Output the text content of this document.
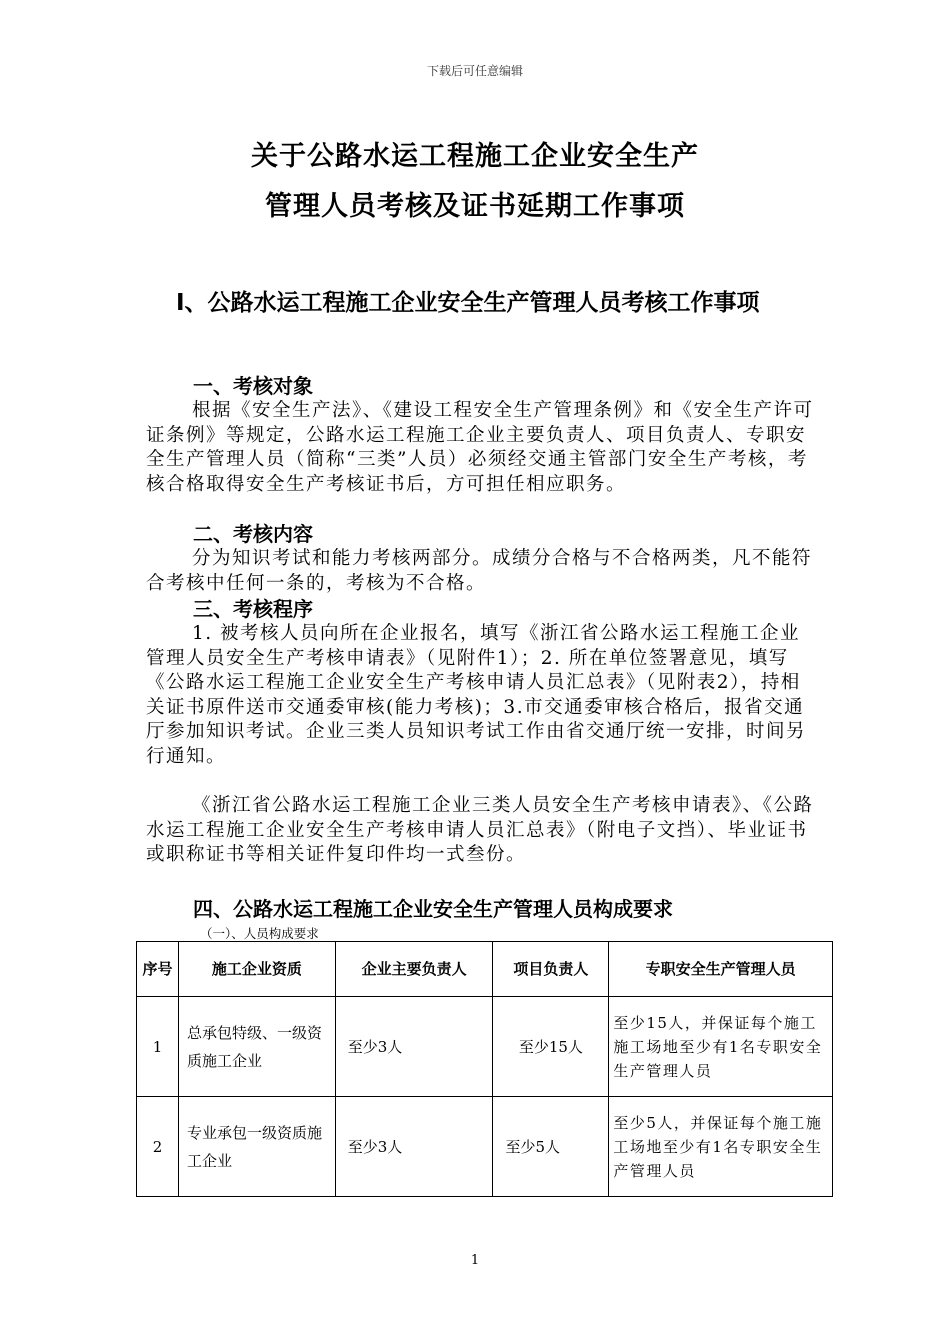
下载后可任意编辑
关于公路水运工程施工企业安全生产
管理人员考核及证书延期工作事项
Ⅰ、公路水运工程施工企业安全生产管理人员考核工作事项
一、考核对象

根据《安全生产法》、《建设工程安全生产管理条例》和《安全生产许可证条例》等规定，公路水运工程施工企业主要负责人、项目负责人、专职安全生产管理人员（简称“三类”人员）必须经交通主管部门安全生产考核，考核合格取得安全生产考核证书后，方可担任相应职务。

二、考核内容

分为知识考试和能力考核两部分。成绩分合格与不合格两类，凡不能符合考核中任何一条的，考核为不合格。

三、考核程序

1. 被考核人员向所在企业报名，填写《浙江省公路水运工程施工企业管理人员安全生产考核申请表》（见附件1）；2. 所在单位签署意见，填写《公路水运工程施工企业安全生产考核申请人员汇总表》（见附表2），持相关证书原件送市交通委审核(能力考核)；3.市交通委审核合格后，报省交通厅参加知识考试。企业三类人员知识考试工作由省交通厅统一安排，时间另行通知。

《浙江省公路水运工程施工企业三类人员安全生产考核申请表》、《公路水运工程施工企业安全生产考核申请人员汇总表》（附电子文挡）、毕业证书或职称证书等相关证件复印件均一式叁份。

四、公路水运工程施工企业安全生产管理人员构成要求
（一）、人员构成要求
序号	施工企业资质	企业主要负责人	项目负责人	专职安全生产管理人员
1	总承包特级、一级资质施工企业	至少3人	至少15人	至少15人，并保证每个施工施工场地至少有1名专职安全生产管理人员
2	专业承包一级资质施工企业	至少3人	至少5人	至少5人，并保证每个施工施工场地至少有1名专职安全生产管理人员
1
